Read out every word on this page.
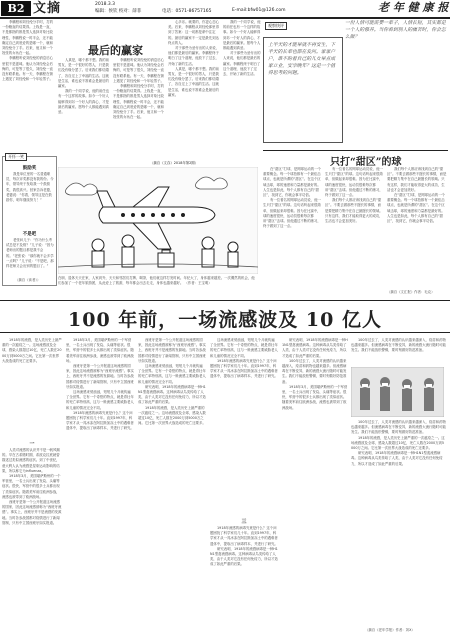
B2 文摘	2018.3.3
编辑：侯钦 校对：薛菲	电话：0571-86757165	E-mail:bfw01@126.com	老 年 健 康 报

李鹏程和刘经纶分手时，打的一份赌直的结果得。上线是一直，不是都指的都是男人选择对象比较理性，李鹏程说一时半会，还不能确定自己到底爱的是哪一个，就和刘经纶分了手。后来，他又和一个姓张的女孩在一起。

李鹏程听说刘经纶的消息后心里很不是滋味。他认为刘经纶会后悔的，可是等了很久，刘经纶一直没有联系他。有一天，李鹏程在街上遇见了刘经纶和一个年轻男子。

开怀一笑
鼓励奖

我是单位里的一名普通职员，每次评奖都没有我的份。今年，领导终于发给我一个鼓励奖，我很高兴。回家告诉老婆，老婆说：“你看，领导这是在鼓励你，明年继续努力！”

不是吧

老张问儿子：“你为什么考试总是不及格？”儿子说：“因为老师出的题目都是我不会的。”老张说：“那你就不会多学一点吗？”儿子说：“不是吧，那样老师又会出别的题目了。”

（摘自《读者》）
最后的赢家

人真是，哪个都不想。我的前男友，是一个很好的男人，只是我们没有缘分罢了。后来我们都结婚了，各自过上了幸福的生活。这就是生活，谁也说不准谁会是最后的赢家。

我的一个同学说，他的前任也有一个这样的故事。如今一个好人能够得到另一个好人的真心，才是最后的赢家。愿每个人都能遇到真爱。

李鹏程听说刘经纶的消息后心里很不是滋味。他认为刘经纶会后悔的，可是等了很久，刘经纶一直没有联系他。有一天，李鹏程在街上遇见了刘经纶和一个年轻男子。

李鹏程和刘经纶分手时，打的一份赌直的结果得。上线是一直，不是都指的都是男人选择对象比较理性，李鹏程说一时半会，还不能确定自己到底爱的是哪一个，就和刘经纶分了手。后来，他又和一个姓张的女孩在一起。

心多乐。就要的，你更心恋心美。后来，李鹏程从刘经纶那里得到了答案：这一切都是命中注定的。最后的赢家不一定是最先到达终点的人。

对于那些为爱付出的人来说，他们都是最后的赢家。李鹏程终于明白了这个道理，他放下了过去，开始了新的生活。

人真是，哪个都不想。我的前男友，是一个很好的男人，只是我们没有缘分罢了。后来我们都结婚了，各自过上了幸福的生活。这就是生活，谁也说不准谁会是最后的赢家。

我的一个同学说，他的前任也有一个这样的故事。如今一个好人能够得到另一个好人的真心，才是最后的赢家。愿每个人都能遇到真爱。

对于那些为爱付出的人来说，他们都是最后的赢家。李鹏程终于明白了这个道理，他放下了过去，开始了新的生活。

（摘自《文存》2018年第2期）
观察快评
上半天的才能早就不再安生，下半天的长辈也都在发问。家家户户，谁不盼着自己的儿女早点成家立业，安享晚年？这是一个值得思考的问题。
一份人情可能需要一辈子，人情长短，其实都是一个人的修养。当你看到别人的痛苦时，你会怎么做？
只打“甜区”的球

在“甜区”打球，是网球运动的一个重要概念。每一个球拍都有一个最佳击球点，也就是所谓的“甜区”。在这个区域击球，球的速度和力量都是最好的。人生也是如此，每个人都有自己的“甜区”，找到它，你就会事半功倍。

有一位著名的网球运动员说，他一生只打“甜区”的球。这句话听起来很简单，但做起来却很难。因为在比赛中，球的速度很快，运动员很难每次都用“甜区”击球。但他通过不断的练习，终于做到了这一点。

有一位著名的网球运动员说，他一生只打“甜区”的球。这句话听起来很简单，但做起来却很难。因为在比赛中，球的速度很快，运动员很难每次都用“甜区”击球。但他通过不断的练习，终于做到了这一点。

我们每个人都应该找到自己的“甜区”。不要去做那些不擅长的事情，而是要把精力集中在自己最擅长的领域。只有这样，我们才能取得更大的成功，生活也才会更加美好。

我们每个人都应该找到自己的“甜区”。不要去做那些不擅长的事情，而是要把精力集中在自己最擅长的领域。只有这样，我们才能取得更大的成功，生活也才会更加美好。

在“甜区”打球，是网球运动的一个重要概念。每一个球拍都有一个最佳击球点，也就是所谓的“甜区”。在这个区域击球，球的速度和力量都是最好的。人生也是如此，每个人都有自己的“甜区”，找到它，你就会事半功倍。

（摘自《文汇报》作者：毛克）
在职、退休天天在家，人家到外，天天和邻居们打牌、喝茶，他们就这样打发时间。年纪大了，身体越来越差。一次偶然的机会，他们参加了一个老年旅游团，从此爱上了旅游，每年都会出去走走，身体也越来越好。 （作者：王宝明）
100 年前，一场流感波及 10 亿人

1918年的流感，是人类历史上最严重的一次瘟疫之一。这场流感波及全球，感染人数超过10亿，死亡人数在2000万到5000万之间。它比第一次世界大战造成的死亡还要多。

一

人类对流感的认识并不是一帆风顺的。早在古希腊时期，希波克拉底就曾描述过类似流感的症状。到了中世纪，意大利人认为流感是星象运动影响的结果，所以称它为influenza。

1918年3月，美国堪萨斯州的一个军营里，一名士兵出现了发烧、头痛等症状。很快，军营中的很多士兵都出现了类似症状。随着美军前往欧洲参战，流感也被带到了欧洲战场。

西班牙是第一个公开报道这场流感的国家，因此这场流感被称为“西班牙流感”。事实上，西班牙并不是流感的发源地。当时各参战国都对疫情进行了新闻管制，只有中立国西班牙如实报道。

1918年3月，美国堪萨斯州的一个军营里，一名士兵出现了发烧、头痛等症状。很快，军营中的很多士兵都出现了类似症状。随着美军前往欧洲参战，流感也被带到了欧洲战场。

西班牙是第一个公开报道这场流感的国家，因此这场流感被称为“西班牙流感”。事实上，西班牙并不是流感的发源地。当时各参战国都对疫情进行了新闻管制，只有中立国西班牙如实报道。

这场流感来势汹汹，短短几个月就传遍了全世界。它有一个奇怪的特点，就是青壮年的死亡率特别高，这与一般流感主要威胁老人和儿童的情况完全不同。

1918年流感的病毒究竟是什么？这个问题困扰了科学家们几十年。直到1997年，科学家才从一具冰冻在阿拉斯加冻土中的遇难者遗体中，提取出了病毒样本，并进行了研究。

西班牙是第一个公开报道这场流感的国家，因此这场流感被称为“西班牙流感”。事实上，西班牙并不是流感的发源地。当时各参战国都对疫情进行了新闻管制，只有中立国西班牙如实报道。

这场流感来势汹汹，短短几个月就传遍了全世界。它有一个奇怪的特点，就是青壮年的死亡率特别高，这与一般流感主要威胁老人和儿童的情况完全不同。

研究表明，1918年的流感病毒是一种H1N1型禽流感病毒。这种病毒从鸟类传给了人类，由于人类对它没有任何免疫力，所以才造成了如此严重的后果。

1918年的流感，是人类历史上最严重的一次瘟疫之一。这场流感波及全球，感染人数超过10亿，死亡人数在2000万到5000万之间。它比第一次世界大战造成的死亡还要多。

这场流感来势汹汹，短短几个月就传遍了全世界。它有一个奇怪的特点，就是青壮年的死亡率特别高，这与一般流感主要威胁老人和儿童的情况完全不同。

1918年流感的病毒究竟是什么？这个问题困扰了科学家们几十年。直到1997年，科学家才从一具冰冻在阿拉斯加冻土中的遇难者遗体中，提取出了病毒样本，并进行了研究。

三

1918年流感的病毒究竟是什么？这个问题困扰了科学家们几十年。直到1997年，科学家才从一具冰冻在阿拉斯加冻土中的遇难者遗体中，提取出了病毒样本，并进行了研究。

研究表明，1918年的流感病毒是一种H1N1型禽流感病毒。这种病毒从鸟类传给了人类，由于人类对它没有任何免疫力，所以才造成了如此严重的后果。

研究表明，1918年的流感病毒是一种H1N1型禽流感病毒。这种病毒从鸟类传给了人类，由于人类对它没有任何免疫力，所以才造成了如此严重的后果。

100年过去了，人类对流感的认识越来越深入，疫苗和药物也越来越多。但流感病毒在不断变异，新的流感大流行随时可能发生。我们不能放松警惕，要时刻做好防范准备。

1918年3月，美国堪萨斯州的一个军营里，一名士兵出现了发烧、头痛等症状。很快，军营中的很多士兵都出现了类似症状。随着美军前往欧洲参战，流感也被带到了欧洲战场。

100年过去了，人类对流感的认识越来越深入，疫苗和药物也越来越多。但流感病毒在不断变异，新的流感大流行随时可能发生。我们不能放松警惕，要时刻做好防范准备。

100年过去了，人类对流感的认识越来越深入，疫苗和药物也越来越多。但流感病毒在不断变异，新的流感大流行随时可能发生。我们不能放松警惕，要时刻做好防范准备。

1918年的流感，是人类历史上最严重的一次瘟疫之一。这场流感波及全球，感染人数超过10亿，死亡人数在2000万到5000万之间。它比第一次世界大战造成的死亡还要多。

研究表明，1918年的流感病毒是一种H1N1型禽流感病毒。这种病毒从鸟类传给了人类，由于人类对它没有任何免疫力，所以才造成了如此严重的后果。

（摘自《老年学报》作者：刘X）
